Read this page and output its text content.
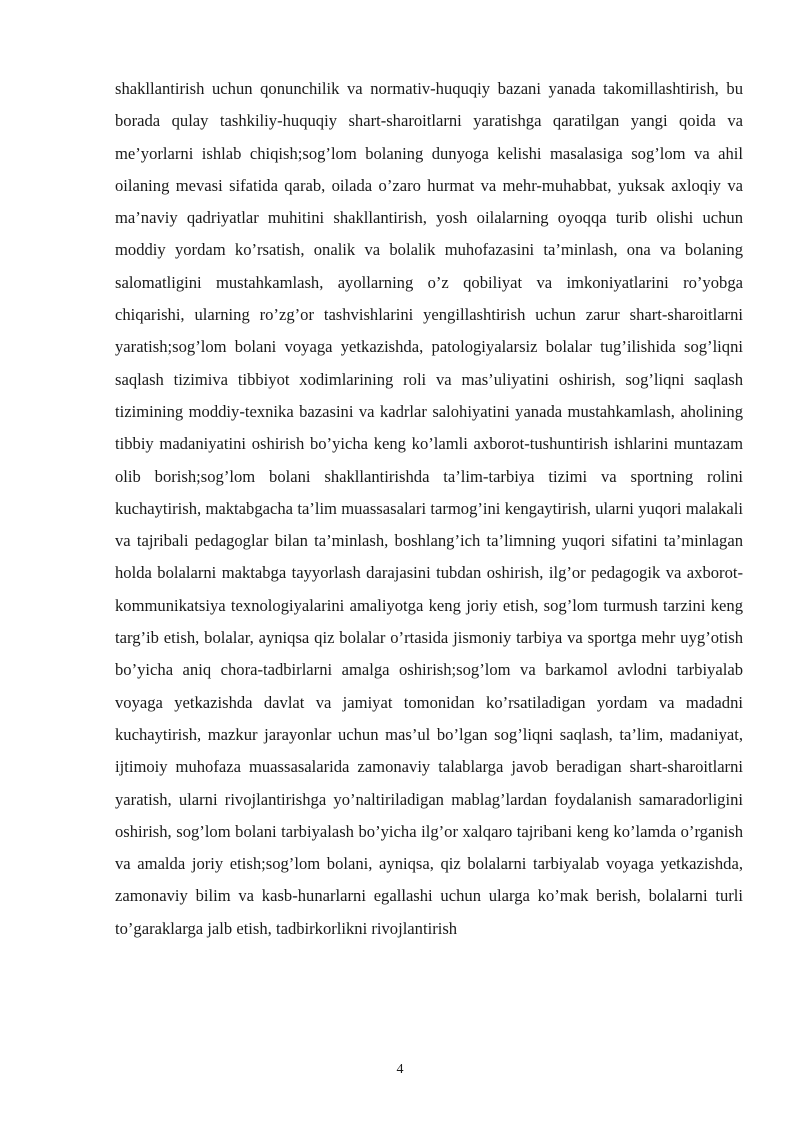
shakllantirish uchun qonunchilik va normativ-huquqiy bazani yanada takomillashtirish, bu borada qulay tashkiliy-huquqiy shart-sharoitlarni yaratishga qaratilgan yangi qoida va me’yorlarni ishlab chiqish;sog’lom bolaning dunyoga kelishi masalasiga sog’lom va ahil oilaning mevasi sifatida qarab, oilada o’zaro hurmat va mehr-muhabbat, yuksak axloqiy va ma’naviy qadriyatlar muhitini shakllantirish, yosh oilalarning oyoqqa turib olishi uchun moddiy yordam ko’rsatish, onalik va bolalik muhofazasini ta’minlash, ona va bolaning salomatligini mustahkamlash, ayollarning o’z qobiliyat va imkoniyatlarini ro’yobga chiqarishi, ularning ro’zg’or tashvishlarini yengillashtirish uchun zarur shart-sharoitlarni yaratish;sog’lom bolani voyaga yetkazishda, patologiyalarsiz bolalar tug’ilishida sog’liqni saqlash tizimiva tibbiyot xodimlarining roli va mas’uliyatini oshirish, sog’liqni saqlash tizimining moddiy-texnika bazasini va kadrlar salohiyatini yanada mustahkamlash, aholining tibbiy madaniyatini oshirish bo’yicha keng ko’lamli axborot-tushuntirish ishlarini muntazam olib borish;sog’lom bolani shakllantirishda ta’lim-tarbiya tizimi va sportning rolini kuchaytirish, maktabgacha ta’lim muassasalari tarmog’ini kengaytirish, ularni yuqori malakali va tajribali pedagoglar bilan ta’minlash, boshlang’ich ta’limning yuqori sifatini ta’minlagan holda bolalarni maktabga tayyorlash darajasini tubdan oshirish, ilg’or pedagogik va axborot-kommunikatsiya texnologiyalarini amaliyotga keng joriy etish, sog’lom turmush tarzini keng targ’ib etish, bolalar, ayniqsa qiz bolalar o’rtasida jismoniy tarbiya va sportga mehr uyg’otish bo’yicha aniq chora-tadbirlarni amalga oshirish;sog’lom va barkamol avlodni tarbiyalab voyaga yetkazishda davlat va jamiyat tomonidan ko’rsatiladigan yordam va madadni kuchaytirish, mazkur jarayonlar uchun mas’ul bo’lgan sog’liqni saqlash, ta’lim, madaniyat, ijtimoiy muhofaza muassasalarida zamonaviy talablarga javob beradigan shart-sharoitlarni yaratish, ularni rivojlantirishga yo’naltiriladigan mablag’lardan foydalanish samaradorligini oshirish, sog’lom bolani tarbiyalash bo’yicha ilg’or xalqaro tajribani keng ko’lamda o’rganish va amalda joriy etish;sog’lom bolani, ayniqsa, qiz bolalarni tarbiyalab voyaga yetkazishda, zamonaviy bilim va kasb-hunarlarni egallashi uchun ularga ko’mak berish, bolalarni turli to’garaklarga jalb etish, tadbirkorlikni rivojlantirish

4
